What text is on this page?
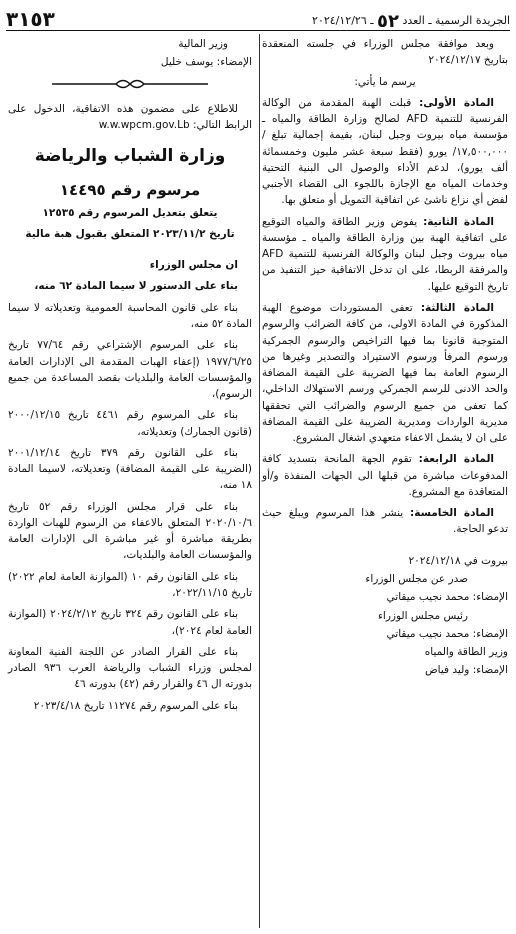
الجريدة الرسمية ـ العدد ٥٢ ـ ٢٠٢٤/١٢/٢٦
٣١٥٣

وبعد موافقة مجلس الوزراء في جلسته المنعقدة بتاريخ ٢٠٢٤/١٢/١٧

يرسم ما يأتي:

المادة الأولى: قبلت الهبة المقدمة من الوكالة الفرنسية للتنمية AFD لصالح وزارة الطاقة والمياه ـ مؤسسة مياه بيروت وجبل لبنان، بقيمة إجمالية تبلغ /١٧,٥٠٠,٠٠٠/ يورو (فقط سبعة عشر مليون وخمسمائة ألف يورو)، لدعم الأداء والوصول الى البنية التحتية وخدمات المياه مع الإجازة باللجوء الى القضاء الأجنبي لفض أي نزاع ناشئ عن اتفاقية التمويل أو متعلق بها.

المادة الثانية: يفوض وزير الطاقة والمياه التوقيع على اتفاقية الهبة بين وزارة الطاقة والمياه ـ مؤسسة مياه بيروت وجبل لبنان والوكالة الفرنسية للتنمية AFD والمرفقة الربطا، على ان تدخل الاتفاقية حيز التنفيذ من تاريخ التوقيع عليها.

المادة الثالثة: تعفى المستوردات موضوع الهبة المذكورة في المادة الاولى، من كافة الضرائب والرسوم المتوجبة قانونا بما فيها التراخيص والرسوم الجمركية ورسوم المرفأ ورسوم الاستيراد والتصدير وغيرها من الرسوم العامة بما فيها الضريبة على القيمة المضافة والحد الادنى للرسم الجمركي ورسم الاستهلاك الداخلي، كما تعفى من جميع الرسوم والضرائب التي تحققها مديرية الواردات ومديرية الضريبة على القيمة المضافة على ان لا يشمل الاعفاء متعهدي اشغال المشروع.

المادة الرابعة: تقوم الجهة المانحة بتسديد كافة المدفوعات مباشرة من قبلها الى الجهات المنفذة و/أو المتعاقدة مع المشروع.

المادة الخامسة: ينشر هذا المرسوم ويبلغ حيث تدعو الحاجة.

بيروت في ٢٠٢٤/١٢/١٨

صدر عن مجلس الوزراء

الإمضاء: محمد نجيب ميقاتي

رئيس مجلس الوزراء

الإمضاء: محمد نجيب ميقاتي

وزير الطاقة والمياه

الإمضاء: وليد فياض

وزير المالية

الإمضاء: يوسف خليل

للاطلاع على مضمون هذه الاتفاقية، الدخول على الرابط التالي: w.w.wpcm.gov.Lb

وزارة الشباب والرياضة

مرسوم رقم ١٤٤٩٥

يتعلق بتعديل المرسوم رقم ١٢٥٣٥

تاريخ ٢٠٢٣/١١/٢ المتعلق بقبول هبة مالية

ان مجلس الوزراء

بناء على الدستور لا سيما المادة ٦٢ منه،

بناء على قانون المحاسبة العمومية وتعديلاته لا سيما المادة ٥٢ منه،

بناء على المرسوم الإشتراعي رقم ٧٧/٦٤ تاريخ ١٩٧٧/٦/٢٥ (إعفاء الهبات المقدمة الى الإدارات العامة والمؤسسات العامة والبلديات بقصد المساعدة من جميع الرسوم)،

بناء على المرسوم رقم ٤٤٦١ تاريخ ٢٠٠٠/١٢/١٥ (قانون الجمارك) وتعديلاته،

بناء على القانون رقم ٣٧٩ تاريخ ٢٠٠١/١٢/١٤ (الضريبة على القيمة المضافة) وتعديلاته، لاسيما المادة ١٨ منه،

بناء على قرار مجلس الوزراء رقم ٥٢ تاريخ ٢٠٢٠/١٠/٦ المتعلق بالاعفاء من الرسوم للهبات الواردة بطريقة مباشرة أو غير مباشرة الى الإدارات العامة والمؤسسات العامة والبلديات،

بناء على القانون رقم ١٠ (الموازنة العامة لعام ٢٠٢٢) تاريخ ٢٠٢٢/١١/١٥،

بناء على القانون رقم ٣٢٤ تاريخ ٢٠٢٤/٢/١٢ (الموازنة العامة لعام ٢٠٢٤)،

بناء على القرار الصادر عن اللجنة الفنية المعاونة لمجلس وزراء الشباب والرياضة العرب ٩٣٦ الصادر بدورته ال ٤٦ والقرار رقم (٤٢) بدورته ٤٦

بناء على المرسوم رقم ١١٢٧٤ تاريخ ٢٠٢٣/٤/١٨
